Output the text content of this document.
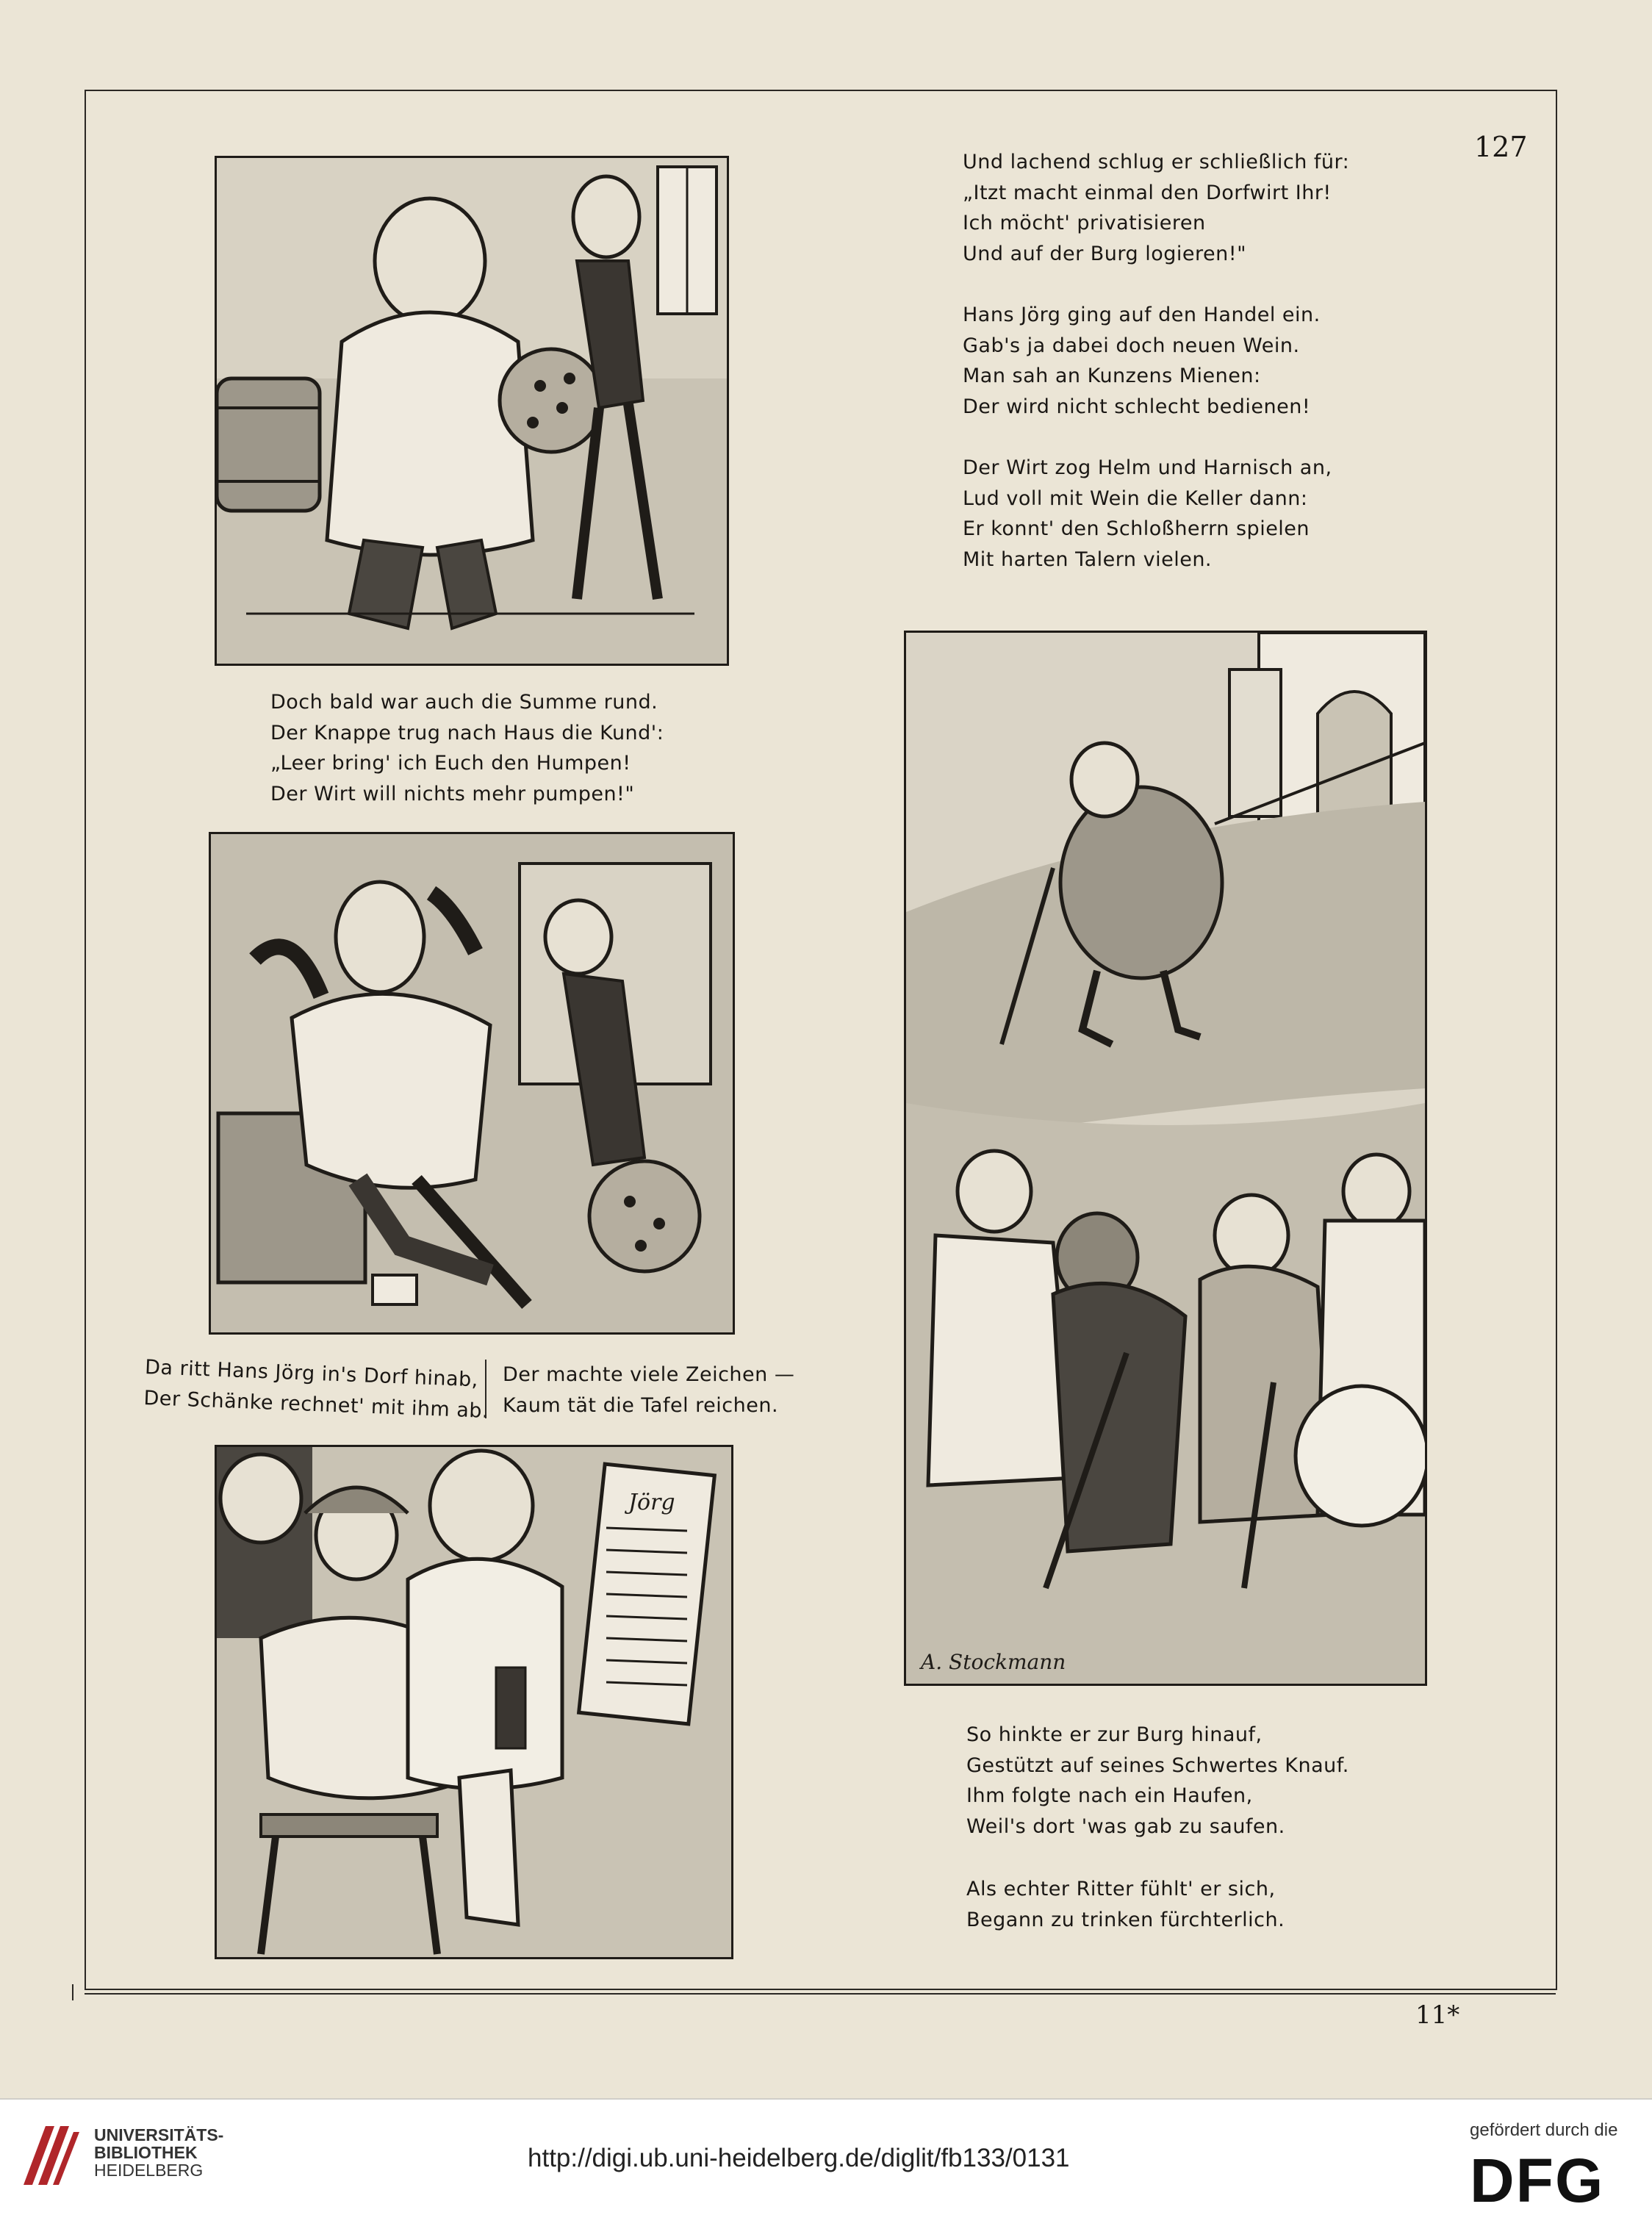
127
11*
Und lachend schlug er schließlich für:
„Itzt macht einmal den Dorfwirt Ihr!
Ich möcht' privatisieren
Und auf der Burg logieren!"
Hans Jörg ging auf den Handel ein.
Gab's ja dabei doch neuen Wein.
Man sah an Kunzens Mienen:
Der wird nicht schlecht bedienen!
Der Wirt zog Helm und Harnisch an,
Lud voll mit Wein die Keller dann:
Er konnt' den Schloßherrn spielen
Mit harten Talern vielen.
Doch bald war auch die Summe rund.
Der Knappe trug nach Haus die Kund':
„Leer bring' ich Euch den Humpen!
Der Wirt will nichts mehr pumpen!"
Da ritt Hans Jörg in's Dorf hinab,
Der Schänke rechnet' mit ihm ab.
Der machte viele Zeichen —
Kaum tät die Tafel reichen.
So hinkte er zur Burg hinauf,
Gestützt auf seines Schwertes Knauf.
Ihm folgte nach ein Haufen,
Weil's dort 'was gab zu saufen.
Als echter Ritter fühlt' er sich,
Begann zu trinken fürchterlich.
Jörg
A. Stockmann
UNIVERSITÄTS-
BIBLIOTHEK
HEIDELBERG	http://digi.ub.uni-heidelberg.de/diglit/fb133/0131
gefördert durch die
DFG
